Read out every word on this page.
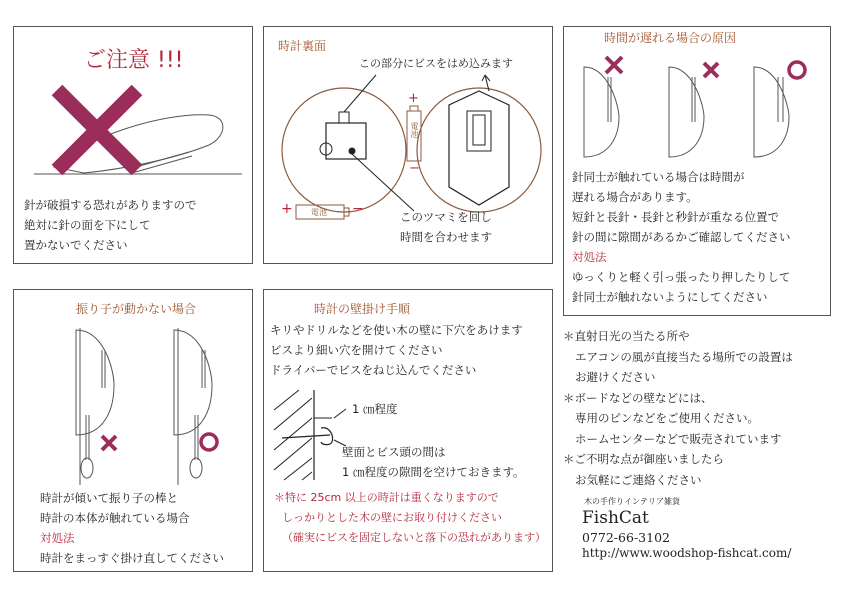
ご注意 !!!
針が破損する恐れがありますので
絶対に針の面を下にして
置かないでください
時計裏面
この部分にビスをはめ込みます
+
電池
−
+ 電池 −	このツマミを回し
時間を合わせます
時間が遅れる場合の原因
針同士が触れている場合は時間が
遅れる場合があります。
短針と長針・長針と秒針が重なる位置で
針の間に隙間があるかご確認してください
対処法
ゆっくりと軽く引っ張ったり押したりして
針同士が触れないようにしてください
振り子が動かない場合
時計が傾いて振り子の棒と
時計の本体が触れている場合
対処法
時計をまっすぐ掛け直してください
時計の壁掛け手順
キリやドリルなどを使い木の壁に下穴をあけます
ビスより細い穴を開けてください
ドライバーでビスをねじ込んでください
1 ㎝程度
壁面とビス頭の間は
1 ㎝程度の隙間を空けておきます。
＊特に 25cm 以上の時計は重くなりますので
しっかりとした木の壁にお取り付けください
（確実にビスを固定しないと落下の恐れがあります）
＊直射日光の当たる所や
エアコンの風が直接当たる場所での設置は
お避けください
＊ボードなどの壁などには、
専用のピンなどをご使用ください。
ホームセンターなどで販売されています
＊ご不明な点が御座いましたら
お気軽にご連絡ください
木の手作りインテリア雑貨
FishCat
0772-66-3102
http://www.woodshop-fishcat.com/
